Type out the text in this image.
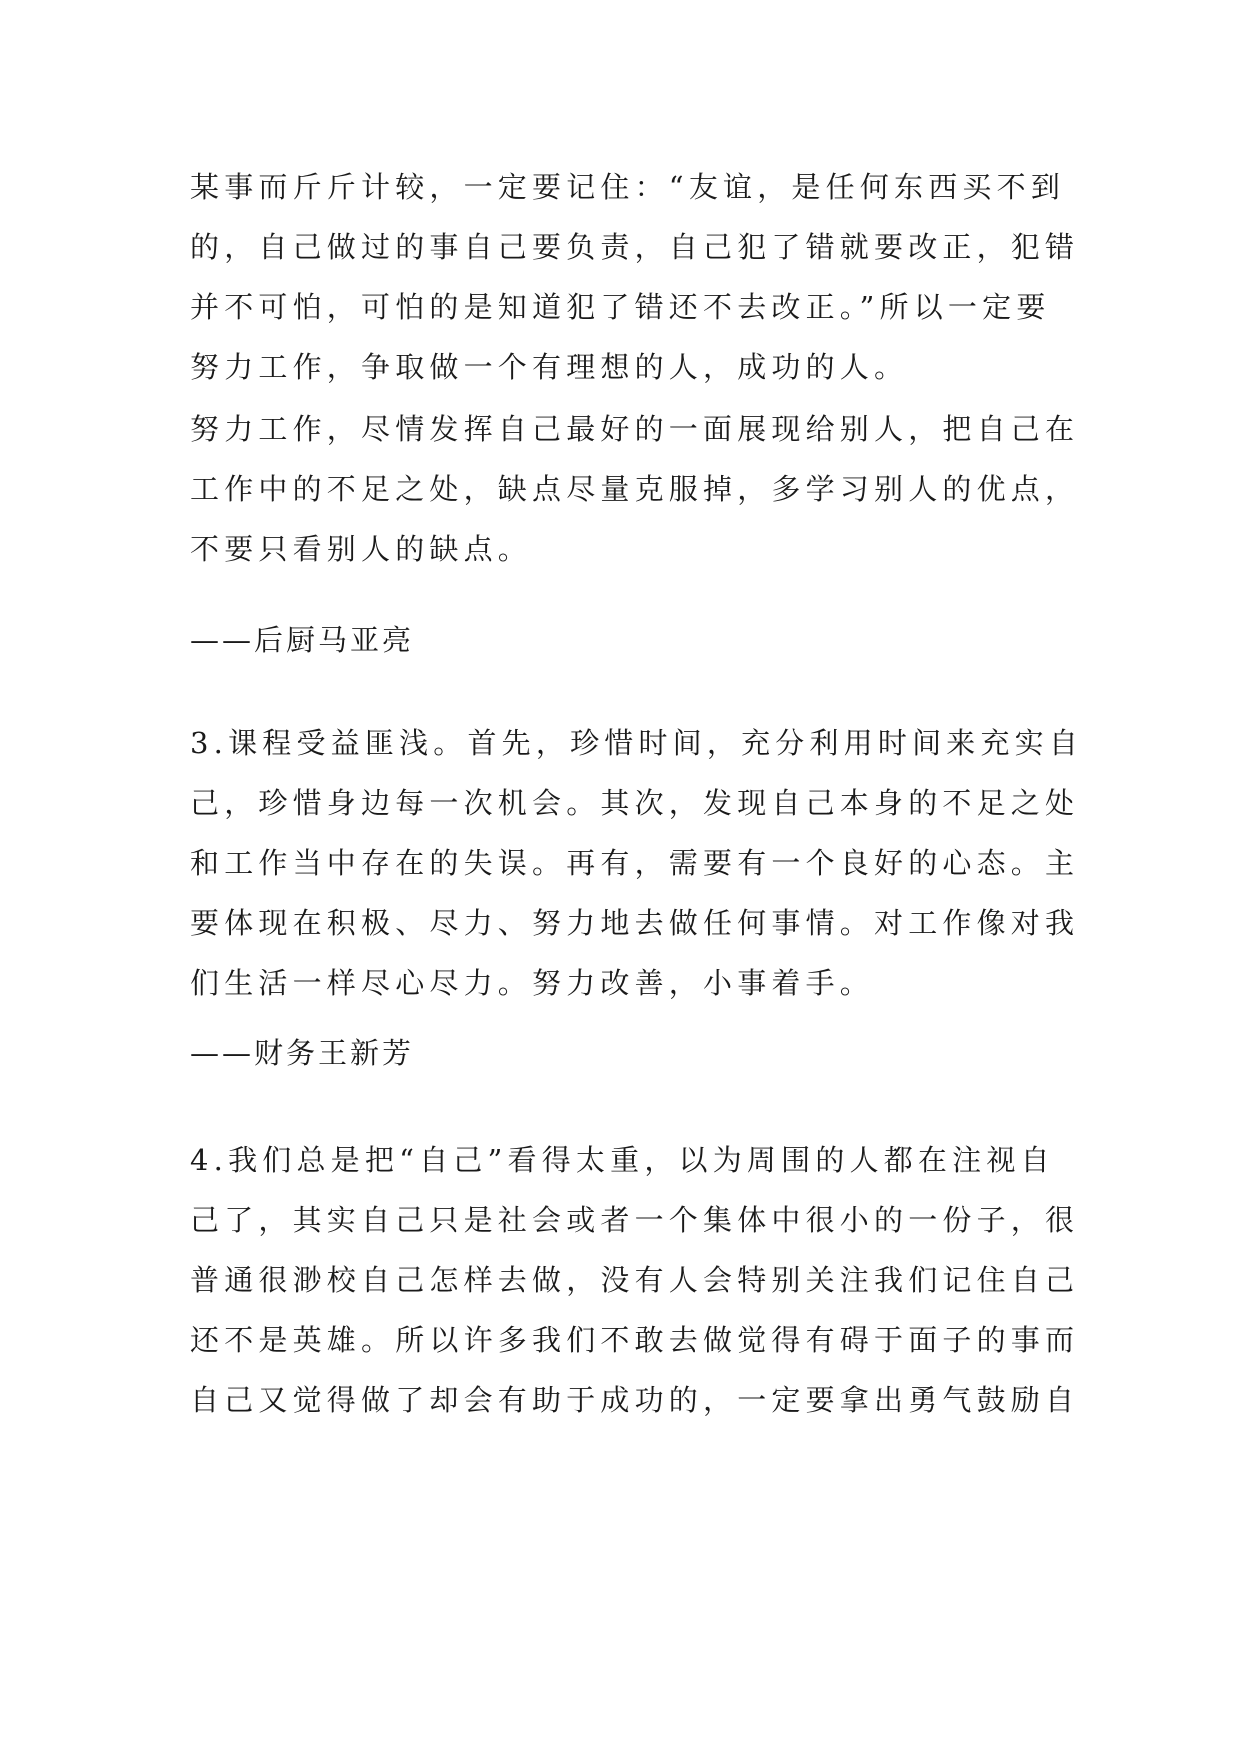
某事而斤斤计较，一定要记住：“友谊，是任何东西买不到
的，自己做过的事自己要负责，自己犯了错就要改正，犯错
并不可怕，可怕的是知道犯了错还不去改正。”所以一定要
努力工作，争取做一个有理想的人，成功的人。
努力工作，尽情发挥自己最好的一面展现给别人，把自己在
工作中的不足之处，缺点尽量克服掉，多学习别人的优点，
不要只看别人的缺点。
——后厨马亚亮
3.课程受益匪浅。首先，珍惜时间，充分利用时间来充实自
己，珍惜身边每一次机会。其次，发现自己本身的不足之处
和工作当中存在的失误。再有，需要有一个良好的心态。主
要体现在积极、尽力、努力地去做任何事情。对工作像对我
们生活一样尽心尽力。努力改善，小事着手。
——财务王新芳
4.我们总是把“自己”看得太重，以为周围的人都在注视自
己了，其实自己只是社会或者一个集体中很小的一份子，很
普通很渺校自己怎样去做，没有人会特别关注我们记住自己
还不是英雄。所以许多我们不敢去做觉得有碍于面子的事而
自己又觉得做了却会有助于成功的，一定要拿出勇气鼓励自
